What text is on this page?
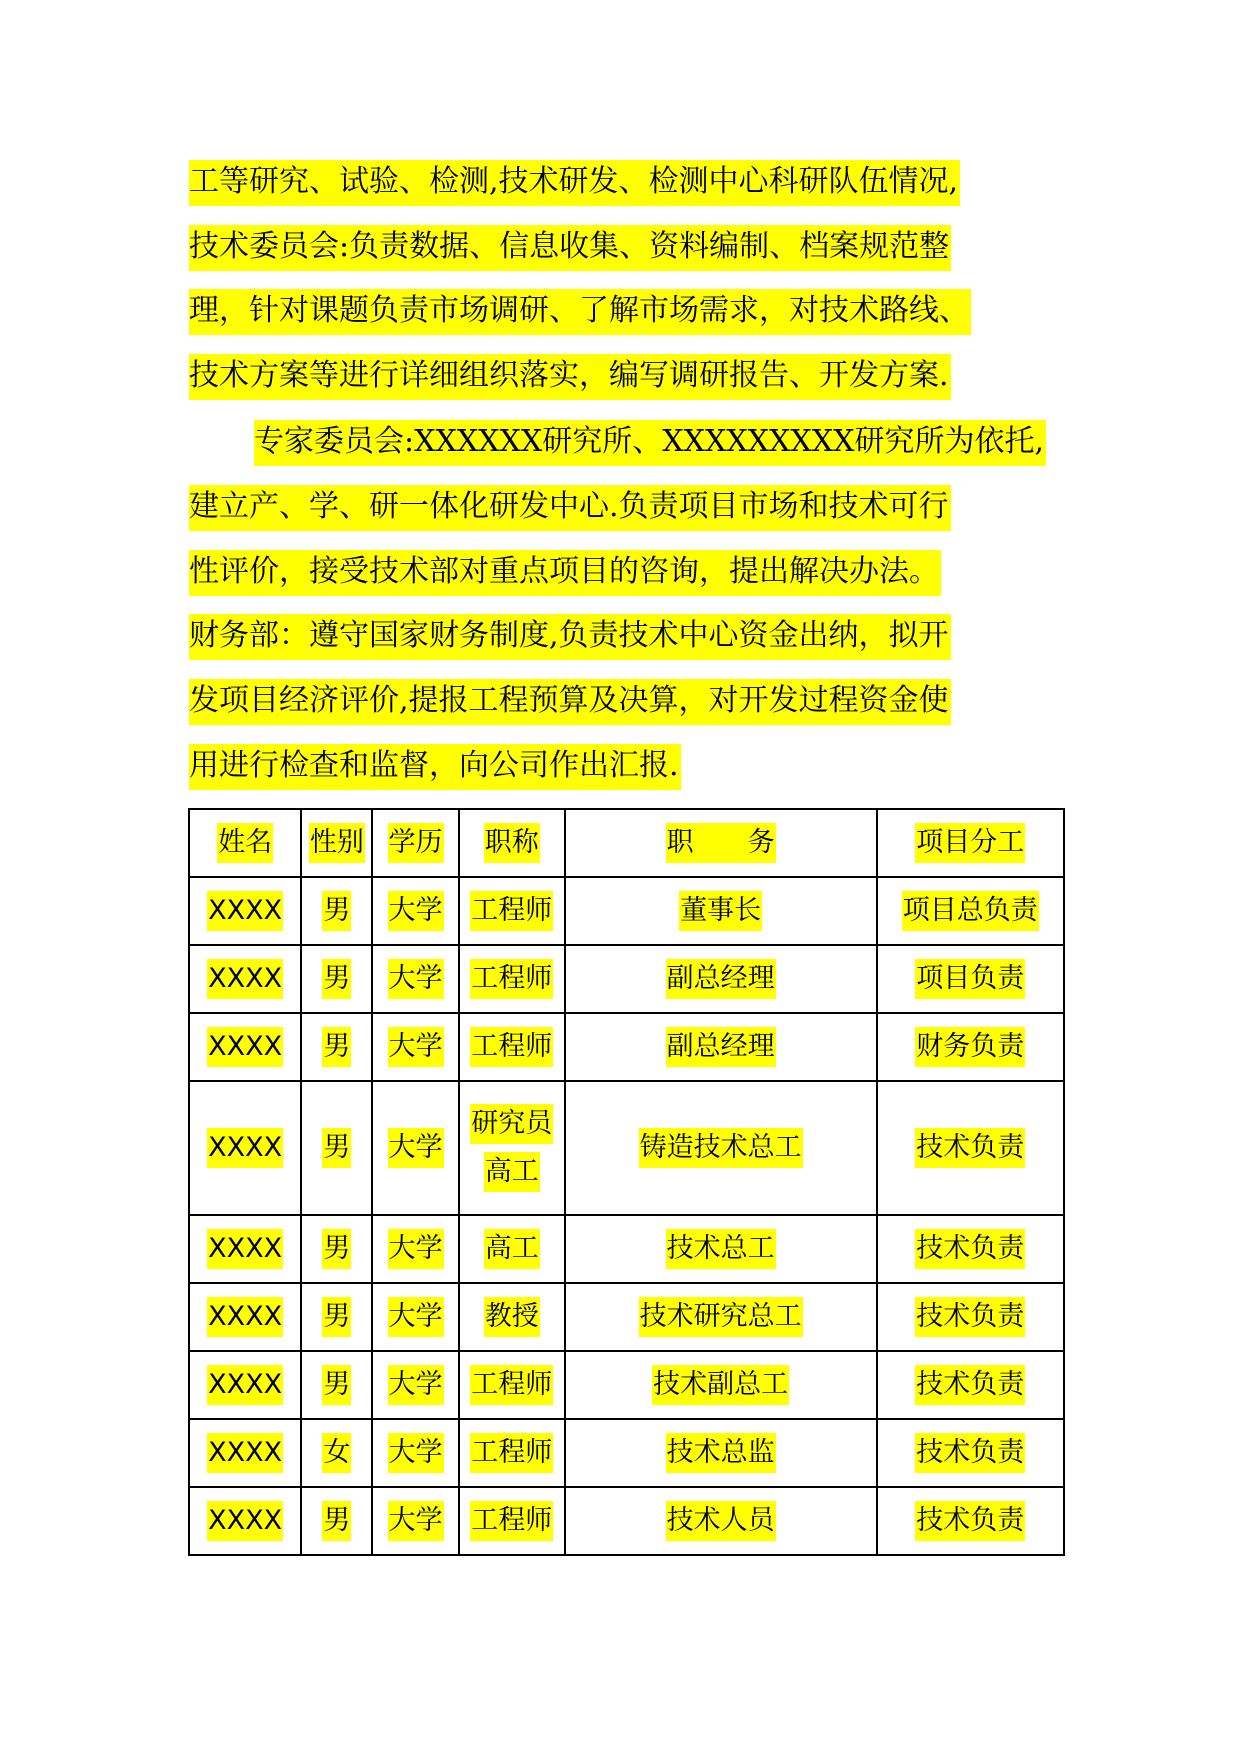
工等研究、试验、检测,技术研发、检测中心科研队伍情况,
技术委员会:负责数据、信息收集、资料编制、档案规范整
理，针对课题负责市场调研、了解市场需求，对技术路线、
技术方案等进行详细组织落实，编写调研报告、开发方案.
专家委员会:XXXXXX研究所、XXXXXXXXX研究所为依托,
建立产、学、研一体化研发中心.负责项目市场和技术可行
性评价，接受技术部对重点项目的咨询，提出解决办法。
财务部：遵守国家财务制度,负责技术中心资金出纳，拟开
发项目经济评价,提报工程预算及决算，对开发过程资金使
用进行检查和监督，向公司作出汇报.
姓名	性别	学历	职称	职　　务	项目分工
XXXX	男	大学	工程师	董事长	项目总负责
XXXX	男	大学	工程师	副总经理	项目负责
XXXX	男	大学	工程师	副总经理	财务负责
XXXX	男	大学	研究员
高工	铸造技术总工	技术负责
XXXX	男	大学	高工	技术总工	技术负责
XXXX	男	大学	教授	技术研究总工	技术负责
XXXX	男	大学	工程师	技术副总工	技术负责
XXXX	女	大学	工程师	技术总监	技术负责
XXXX	男	大学	工程师	技术人员	技术负责
